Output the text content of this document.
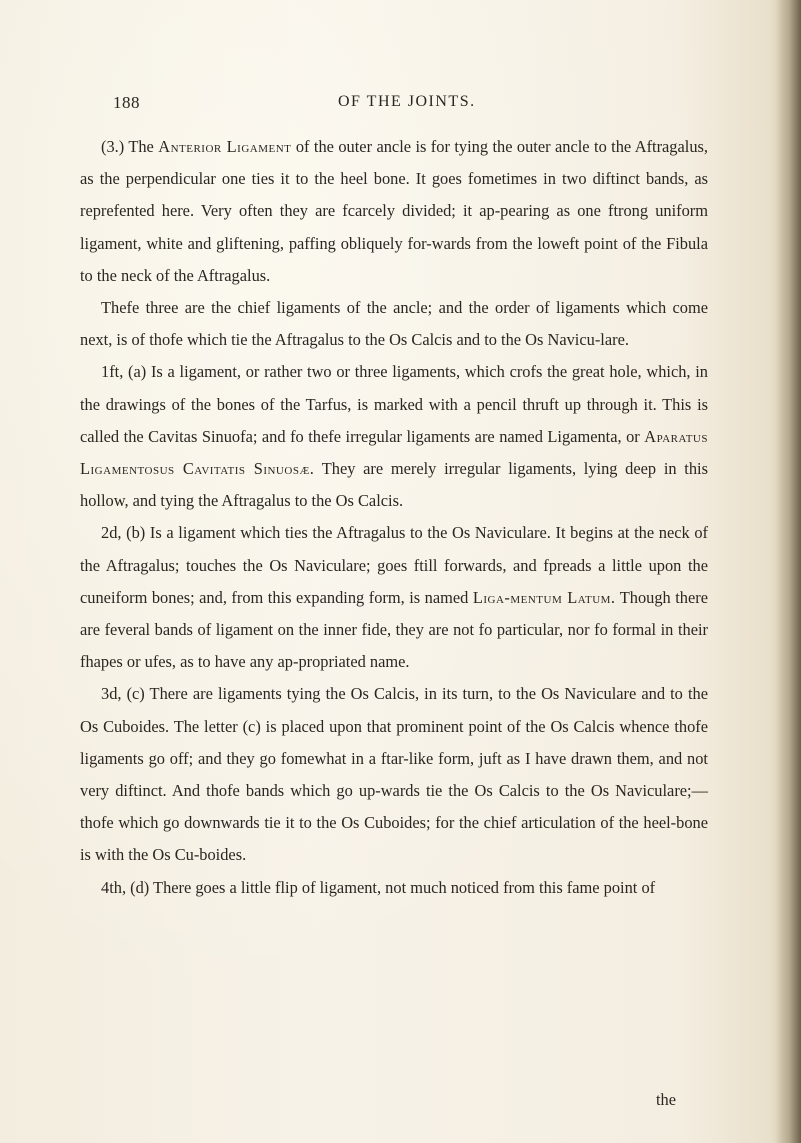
188	OF THE JOINTS.

(3.) The Anterior Ligament of the outer ancle is for tying the outer ancle to the Aftragalus, as the perpendicular one ties it to the heel bone. It goes fometimes in two diftinct bands, as reprefented here. Very often they are fcarcely divided; it ap-pearing as one ftrong uniform ligament, white and gliftening, paffing obliquely for-wards from the loweft point of the Fibula to the neck of the Aftragalus.

Thefe three are the chief ligaments of the ancle; and the order of ligaments which come next, is of thofe which tie the Aftragalus to the Os Calcis and to the Os Navicu-lare.

1ft, (a) Is a ligament, or rather two or three ligaments, which crofs the great hole, which, in the drawings of the bones of the Tarfus, is marked with a pencil thruft up through it. This is called the Cavitas Sinuofa; and fo thefe irregular ligaments are named Ligamenta, or Aparatus Ligamentosus Cavitatis Sinuosæ. They are merely irregular ligaments, lying deep in this hollow, and tying the Aftragalus to the Os Calcis.

2d, (b) Is a ligament which ties the Aftragalus to the Os Naviculare. It begins at the neck of the Aftragalus; touches the Os Naviculare; goes ftill forwards, and fpreads a little upon the cuneiform bones; and, from this expanding form, is named Liga-mentum Latum. Though there are feveral bands of ligament on the inner fide, they are not fo particular, nor fo formal in their fhapes or ufes, as to have any ap-propriated name.

3d, (c) There are ligaments tying the Os Calcis, in its turn, to the Os Naviculare and to the Os Cuboides. The letter (c) is placed upon that prominent point of the Os Calcis whence thofe ligaments go off; and they go fomewhat in a ftar-like form, juft as I have drawn them, and not very diftinct. And thofe bands which go up-wards tie the Os Calcis to the Os Naviculare;—thofe which go downwards tie it to the Os Cuboides; for the chief articulation of the heel-bone is with the Os Cu-boides.

4th, (d) There goes a little flip of ligament, not much noticed from this fame point of

the
